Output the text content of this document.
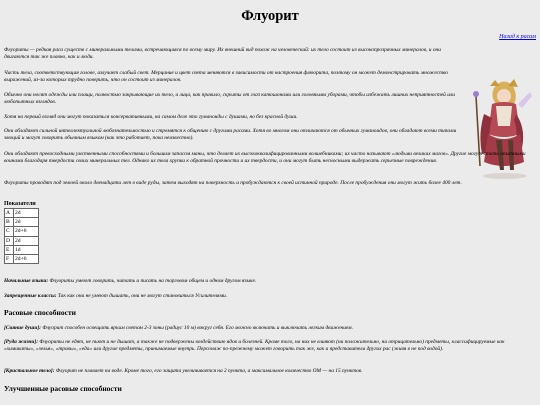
Флуорит
Назад к расам

Флуориты — редкая раса существ с минеральными телами, встречающаяся по всему миру. Их внешний вид похож на человеческий: их тело состоит из высокопрозрачных минералов, и они двигаются так же плавно, как и люди.

Часть тела, соответствующая голове, излучает слабый свет. Мерцание и цвет света меняются в зависимости от настроения флюорита, поэтому он может демонстрировать множество выражений, из-за которых трудно поверить, что он состоит из минералов.

Обычно они носят одежды или плащи, полностью закрывающие их тело, а лица, как правило, скрыты от глаз капюшонами или головными уборами, чтобы избежать лишних неприятностей или любопытных взглядов.

Хотя на первый взгляд они могут показаться консервативными, на самом деле это гуманоиды с душами, но без красной души.

Они обладают сильной интеллектуальной любознательностью и стремятся к общению с другими расами. Хотя во многом они отличаются от обычных гуманоидов, они обладают всеми типами эмоций и могут говорить обычным языком (как это работает, пока неизвестно).

Они обладают превосходными умственными способностями и большим запасом маны, что делает их высококвалифицированными волшебниками; их часто называют «людьми великих магов». Другие могут стать опытными воинами благодаря твердости своих минеральных тел. Однако их тела хрупки к обратной прочности и их твердости, и они могут быть несносными выдержать серьезные повреждения.

Флуориты проводят под землей около двенадцати лет в виде руды, затем выходят на поверхность и пробуждаются к своей истинной природе. После пробуждения они могут жить более 400 лет.

Показатели
A	2d
B	2d
C	2d+6
D	2d
E	1d
F	2d+6

Начальные языки: Флуориты умеют говорить, читать и писать на торговом общем и одном другом языке.

Запрещенные классы: Так как они не умеют дышать, они не могут становиться Усилителями.

Расовые способности

[Сияние души]: Флуорит способен освещать ярким светом 2-3 зоны (радиус 10 м) вокруг себя. Его можно включать и выключать легким движением.

[Руда жизни]: Флуориты не едят, не пьют и не дышат, а также не подвержены воздействию ядов и болезней. Кроме того, на них не влияют (ни положительно, ни отрицательно) предметы, классифицируемые как «химикаты», «зелья», «травы», «еда» или другие предметы, принимаемые внутрь. Персонаж по-прежнему может говорить так же, как и представители других рас (живя в не под водой).

[Кристальное тело]: Флуорит не плавает на воде. Кроме того, его защита увеличивается на 2 пункта, а максимальное количество ОМ — на 15 пунктов.

Улучшенные расовые способности
